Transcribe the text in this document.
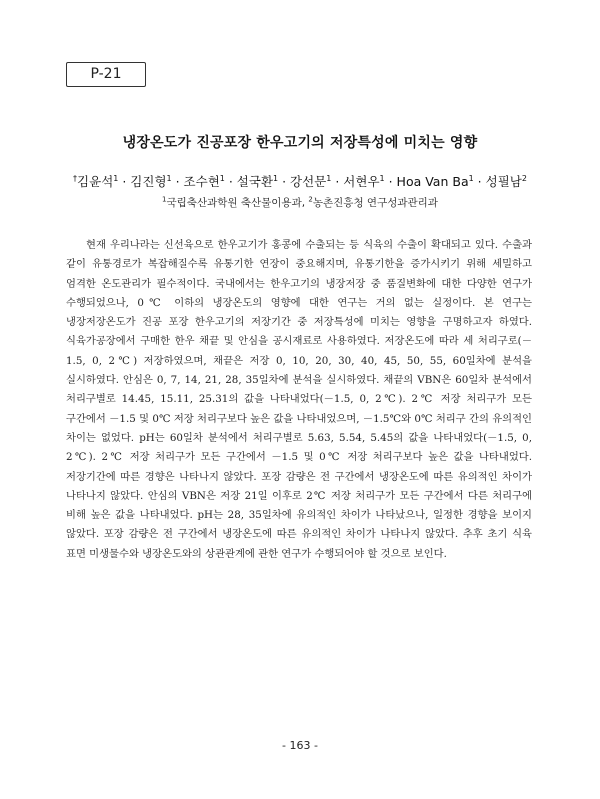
P-21
냉장온도가 진공포장 한우고기의 저장특성에 미치는 영향
†김윤석$^1$ · 김진형$^1$ · 조수현$^1$ · 설국환$^1$ · 강선문$^1$ · 서현우$^1$ · Hoa Van $Ba^1$ · 성필남$^2$
$^1$국립축산과학원 축산물이용과, $^2$농촌진흥청 연구성과관리과
현재 우리나라는 신선육으로 한우고기가 홍콩에 수출되는 등 식육의 수출이 확대되고 있다. 수출과 같이 유통경로가 복잡해질수록 유통기한 연장이 중요해지며, 유통기한을 증가시키기 위해 세밀하고 엄격한 온도관리가 필수적이다. 국내에서는 한우고기의 냉장저장 중 품질변화에 대한 다양한 연구가 수행되었으나, 0℃ 이하의 냉장온도의 영향에 대한 연구는 거의 없는 실정이다. 본 연구는 냉장저장온도가 진공 포장 한우고기의 저장기간 중 저장특성에 미치는 영향을 구명하고자 하였다. 식육가공장에서 구매한 한우 채끝 및 안심을 공시재료로 사용하였다. 저장온도에 따라 세 처리구로(－1.5, 0, 2℃) 저장하였으며, 채끝은 저장 0, 10, 20, 30, 40, 45, 50, 55, 60일차에 분석을 실시하였다. 안심은 0, 7, 14, 21, 28, 35일차에 분석을 실시하였다. 채끝의 VBN은 60일차 분석에서 처리구별로 14.45, 15.11, 25.31의 값을 나타내었다(－1.5, 0, 2℃). 2℃ 저장 처리구가 모든 구간에서 －1.5 및 0℃ 저장 처리구보다 높은 값을 나타내었으며, －1.5℃와 0℃ 처리구 간의 유의적인 차이는 없었다. pH는 60일차 분석에서 처리구별로 5.63, 5.54, 5.45의 값을 나타내었다(－1.5, 0, 2℃). 2℃ 저장 처리구가 모든 구간에서 －1.5 및 0℃ 저장 처리구보다 높은 값을 나타내었다. 저장기간에 따른 경향은 나타나지 않았다. 포장 감량은 전 구간에서 냉장온도에 따른 유의적인 차이가 나타나지 않았다. 안심의 VBN은 저장 21일 이후로 2℃ 저장 처리구가 모든 구간에서 다른 처리구에 비해 높은 값을 나타내었다. pH는 28, 35일차에 유의적인 차이가 나타났으나, 일정한 경향을 보이지 않았다. 포장 감량은 전 구간에서 냉장온도에 따른 유의적인 차이가 나타나지 않았다. 추후 초기 식육 표면 미생물수와 냉장온도와의 상관관계에 관한 연구가 수행되어야 할 것으로 보인다.
- 163 -
